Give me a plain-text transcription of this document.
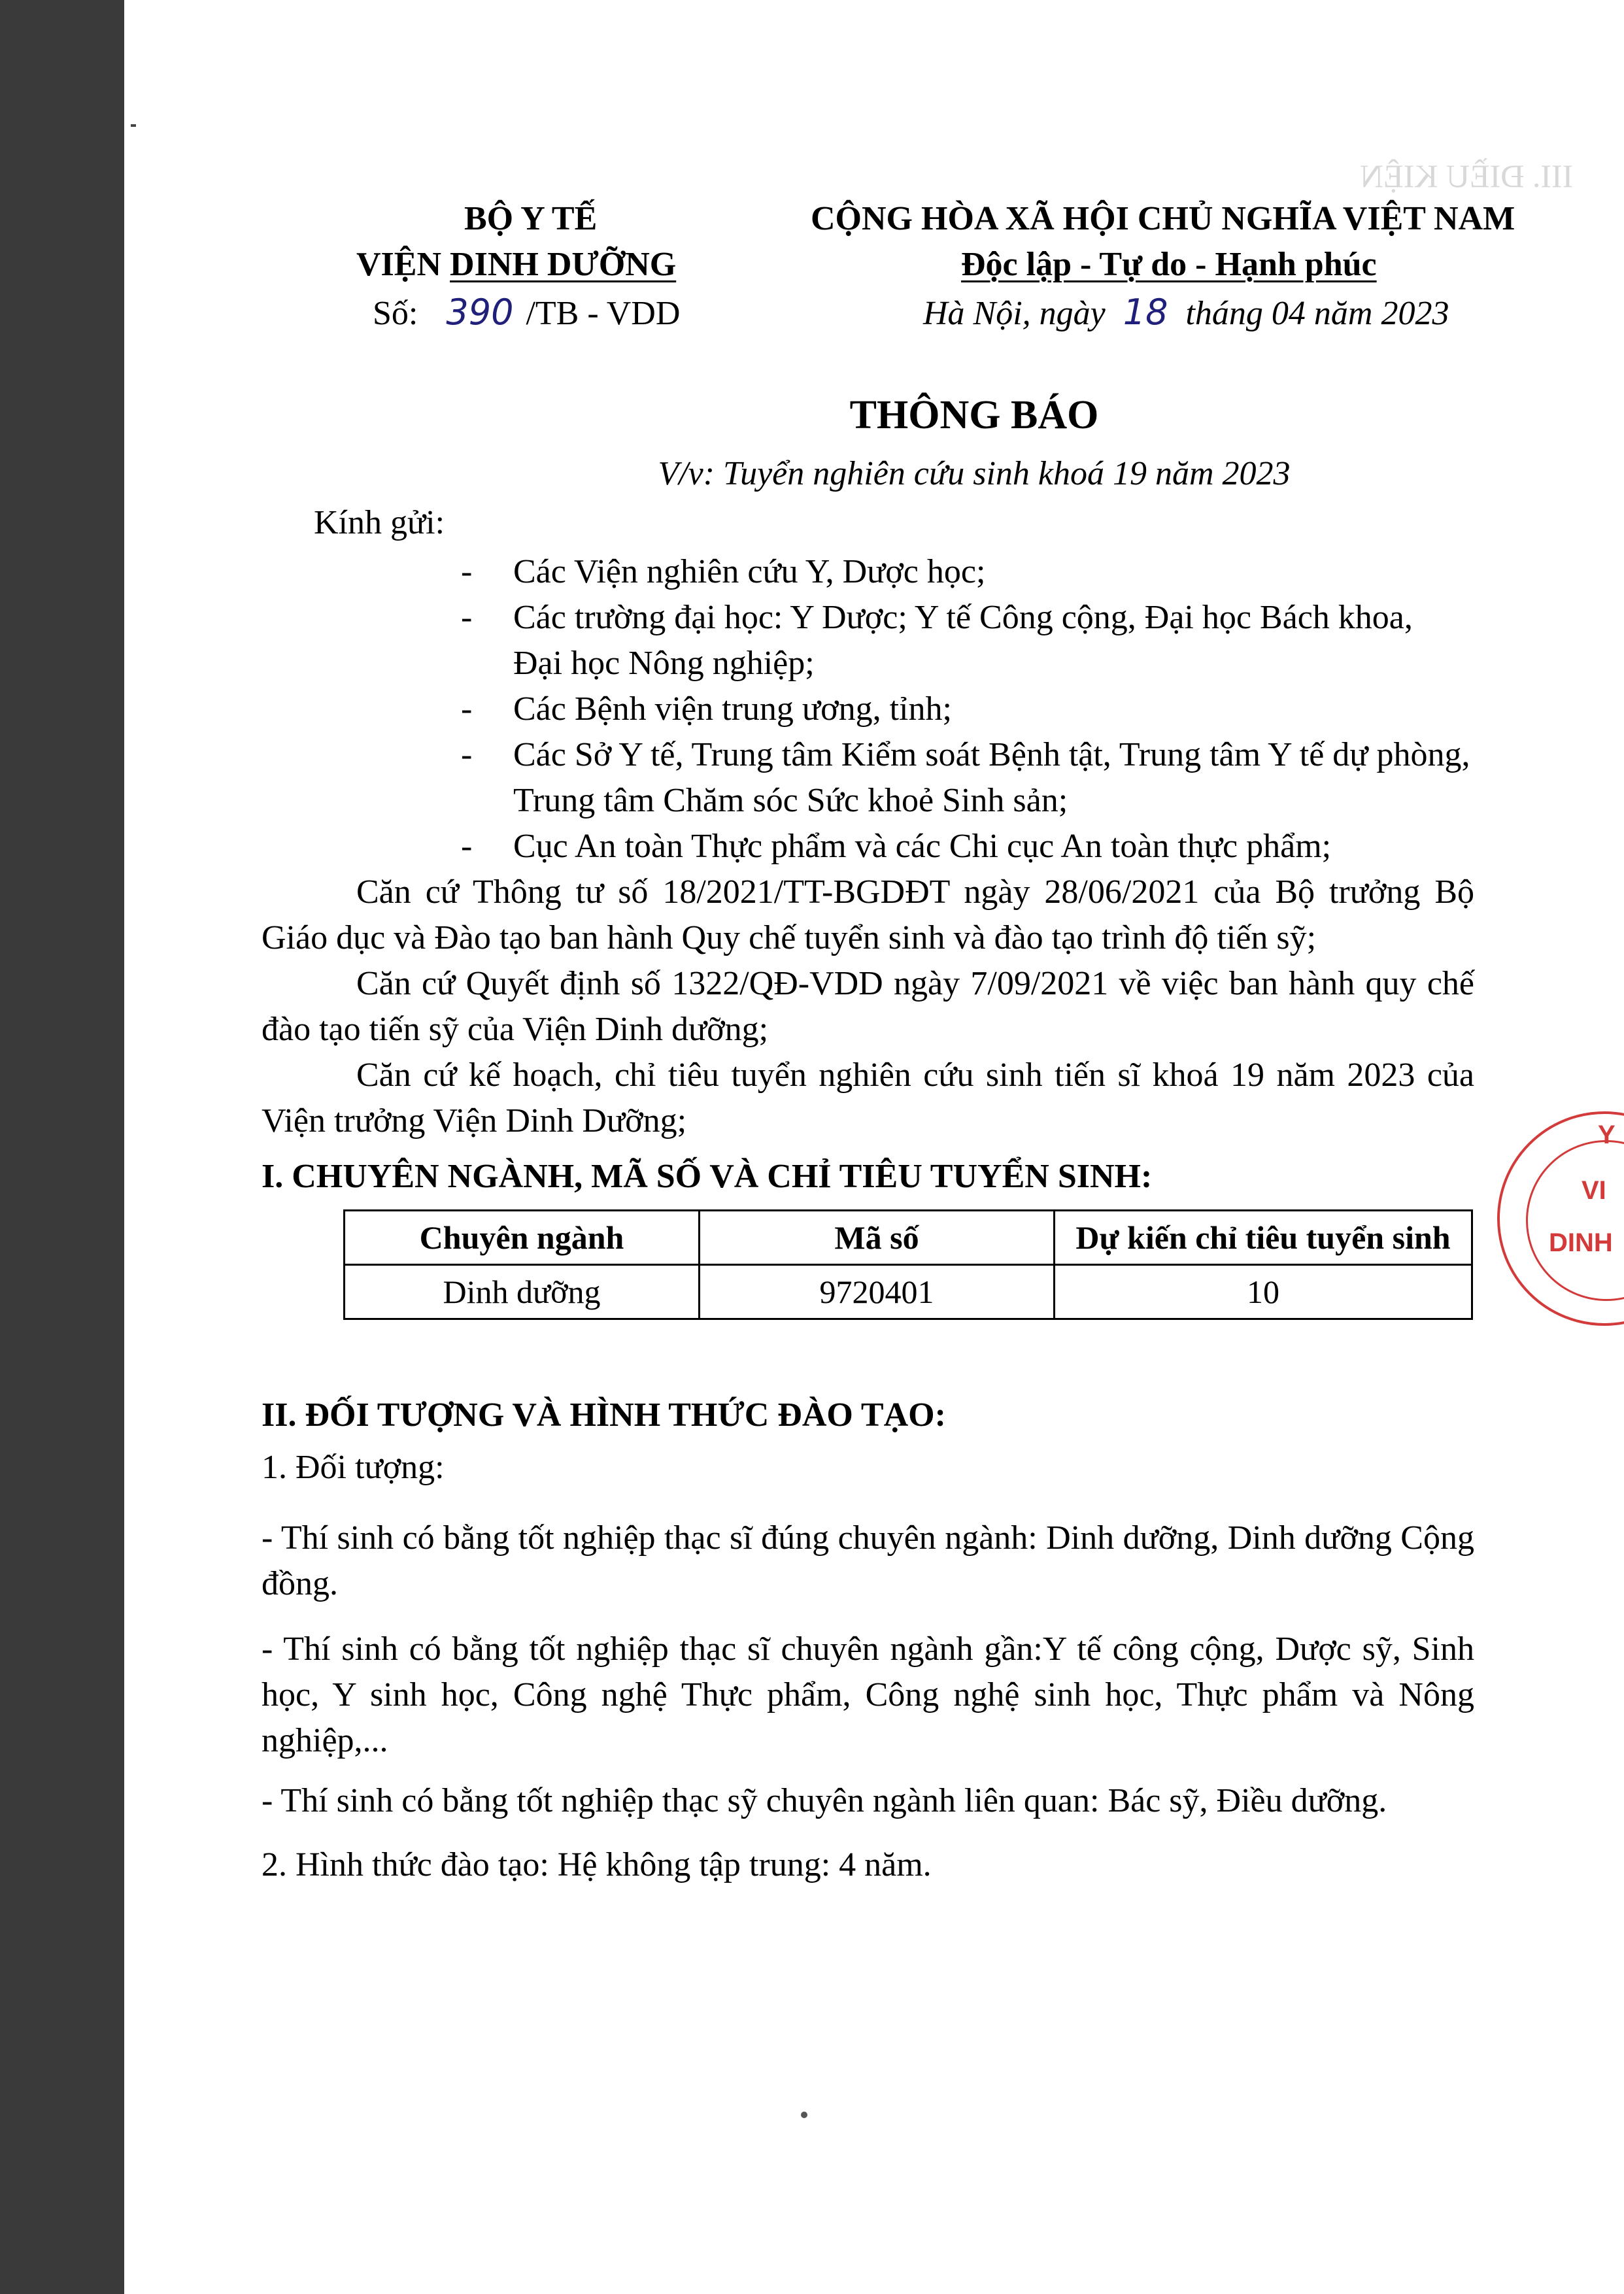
III. ĐIỀU KIỆN
BỘ Y TẾ
VIỆN DINH DƯỠNG
Số: 390 /TB - VDD
CỘNG HÒA XÃ HỘI CHỦ NGHĨA VIỆT NAM
Độc lập - Tự do - Hạnh phúc
Hà Nội, ngày 18 tháng 04 năm 2023
THÔNG BÁO
V/v: Tuyển nghiên cứu sinh khoá 19 năm 2023
Kính gửi:
- Các Viện nghiên cứu Y, Dược học;
- Các trường đại học: Y Dược; Y tế Công cộng, Đại học Bách khoa,
Đại học Nông nghiệp;
- Các Bệnh viện trung ương, tỉnh;
- Các Sở Y tế, Trung tâm Kiểm soát Bệnh tật, Trung tâm Y tế dự phòng,
Trung tâm Chăm sóc Sức khoẻ Sinh sản;
- Cục An toàn Thực phẩm và các Chi cục An toàn thực phẩm;

Căn cứ Thông tư số 18/2021/TT-BGDĐT ngày 28/06/2021 của Bộ trưởng Bộ Giáo dục và Đào tạo ban hành Quy chế tuyển sinh và đào tạo trình độ tiến sỹ;

Căn cứ Quyết định số 1322/QĐ-VDD ngày 7/09/2021 về việc ban hành quy chế đào tạo tiến sỹ của Viện Dinh dưỡng;

Căn cứ kế hoạch, chỉ tiêu tuyển nghiên cứu sinh tiến sĩ khoá 19 năm 2023 của Viện trưởng Viện Dinh Dưỡng;

I. CHUYÊN NGÀNH, MÃ SỐ VÀ CHỈ TIÊU TUYỂN SINH:
Chuyên ngành	Mã số	Dự kiến chỉ tiêu tuyển sinh
Dinh dưỡng	9720401	10
II. ĐỐI TƯỢNG VÀ HÌNH THỨC ĐÀO TẠO:
1. Đối tượng:

- Thí sinh có bằng tốt nghiệp thạc sĩ đúng chuyên ngành: Dinh dưỡng, Dinh dưỡng Cộng đồng.

- Thí sinh có bằng tốt nghiệp thạc sĩ chuyên ngành gần:Y tế công cộng, Dược sỹ, Sinh học, Y sinh học, Công nghệ Thực phẩm, Công nghệ sinh học, Thực phẩm và Nông nghiệp,...

- Thí sinh có bằng tốt nghiệp thạc sỹ chuyên ngành liên quan: Bác sỹ, Điều dưỡng.

2. Hình thức đào tạo: Hệ không tập trung: 4 năm.
Y
VI
DINH
